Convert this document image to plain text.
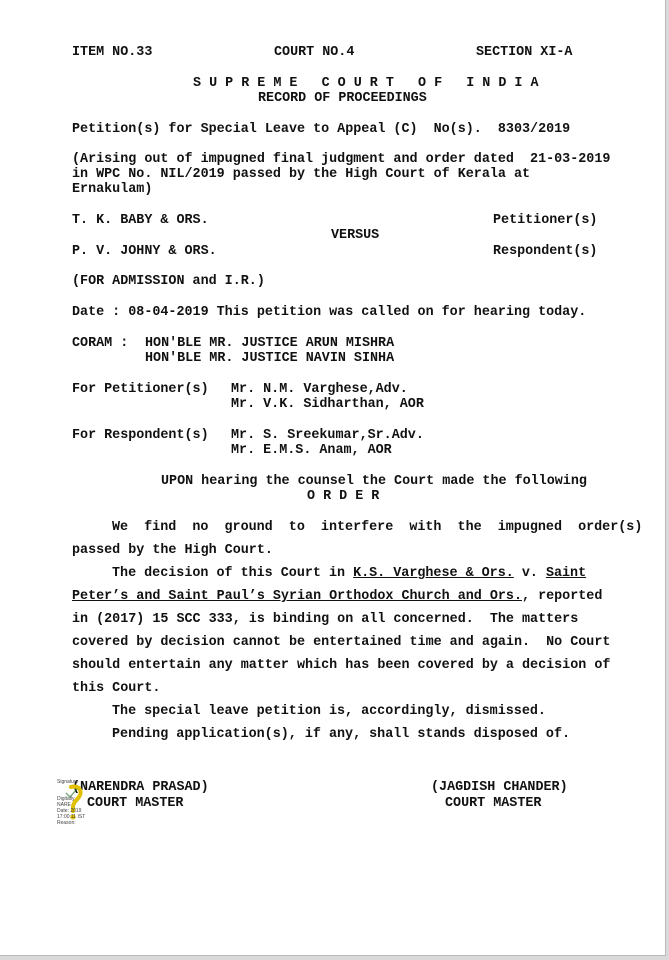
ITEM NO.33	COURT NO.4	SECTION XI-A
S U P R E M E   C O U R T   O F   I N D I A
RECORD OF PROCEEDINGS
Petition(s) for Special Leave to Appeal (C)  No(s).  8303/2019
(Arising out of impugned final judgment and order dated  21-03-2019
in WPC No. NIL/2019 passed by the High Court of Kerala at
Ernakulam)
T. K. BABY & ORS.	Petitioner(s)
VERSUS
P. V. JOHNY & ORS.	Respondent(s)
(FOR ADMISSION and I.R.)
Date : 08-04-2019 This petition was called on for hearing today.
CORAM : HON'BLE MR. JUSTICE ARUN MISHRA
HON'BLE MR. JUSTICE NAVIN SINHA
For Petitioner(s) Mr. N.M. Varghese,Adv.
Mr. V.K. Sidharthan, AOR
For Respondent(s) Mr. S. Sreekumar,Sr.Adv.
Mr. E.M.S. Anam, AOR
UPON hearing the counsel the Court made the following
O R D E R
We  find  no  ground  to  interfere  with  the  impugned  order(s)
passed by the High Court.
The decision of this Court in K.S. Varghese & Ors. v. Saint
Peter’s and Saint Paul’s Syrian Orthodox Church and Ors., reported
in (2017) 15 SCC 333, is binding on all concerned.  The matters
covered by decision cannot be entertained time and again.  No Court
should entertain any matter which has been covered by a decision of
this Court.
The special leave petition is, accordingly, dismissed.
Pending application(s), if any, shall stands disposed of.
(NARENDRA PRASAD)
COURT MASTER
(JAGDISH CHANDER)
COURT MASTER
Signature
Digitally
NARE
Date: 2019
17:00:11 IST
Reason:
